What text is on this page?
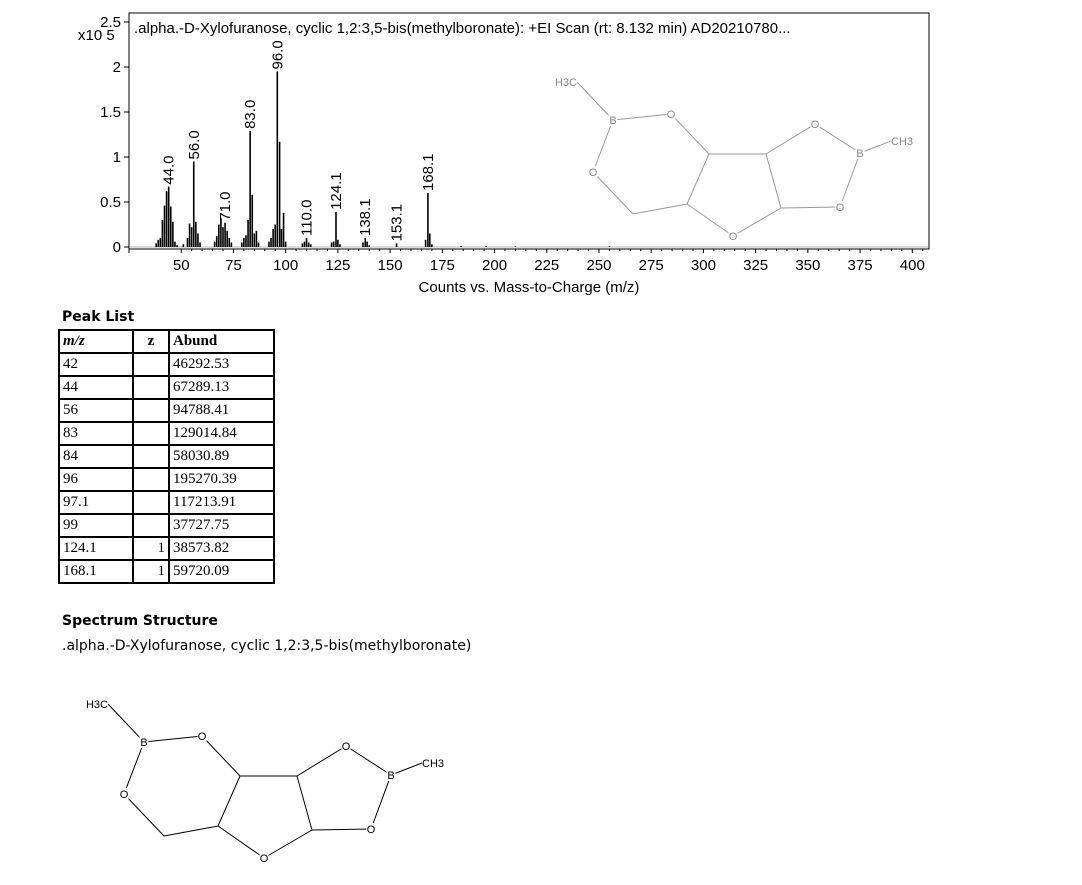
.alpha.-D-Xylofuranose, cyclic 1,2:3,5-bis(methylboronate): +EI Scan (rt: 8.132 min) AD20210780...
x10 5
50 75 100 125 150 175 200 225 250 275 300 325 350 375 400
0
0.5
1
1.5
2
2.5
44.0
56.0
71.0
83.0
96.0
110.0
124.1
138.1 153.1
168.1
Counts vs. Mass-to-Charge (m/z)
H3C
B	O
O
O
O
O
B
CH3
Peak List
m/z	z	Abund
42		46292.53
44		67289.13
56		94788.41
83		129014.84
84		58030.89
96		195270.39
97.1		117213.91
99		37727.75
124.1	1	38573.82
168.1	1	59720.09
Spectrum Structure
.alpha.-D-Xylofuranose, cyclic 1,2:3,5-bis(methylboronate)
H3C
B	O
O
O
O
O
B
CH3
